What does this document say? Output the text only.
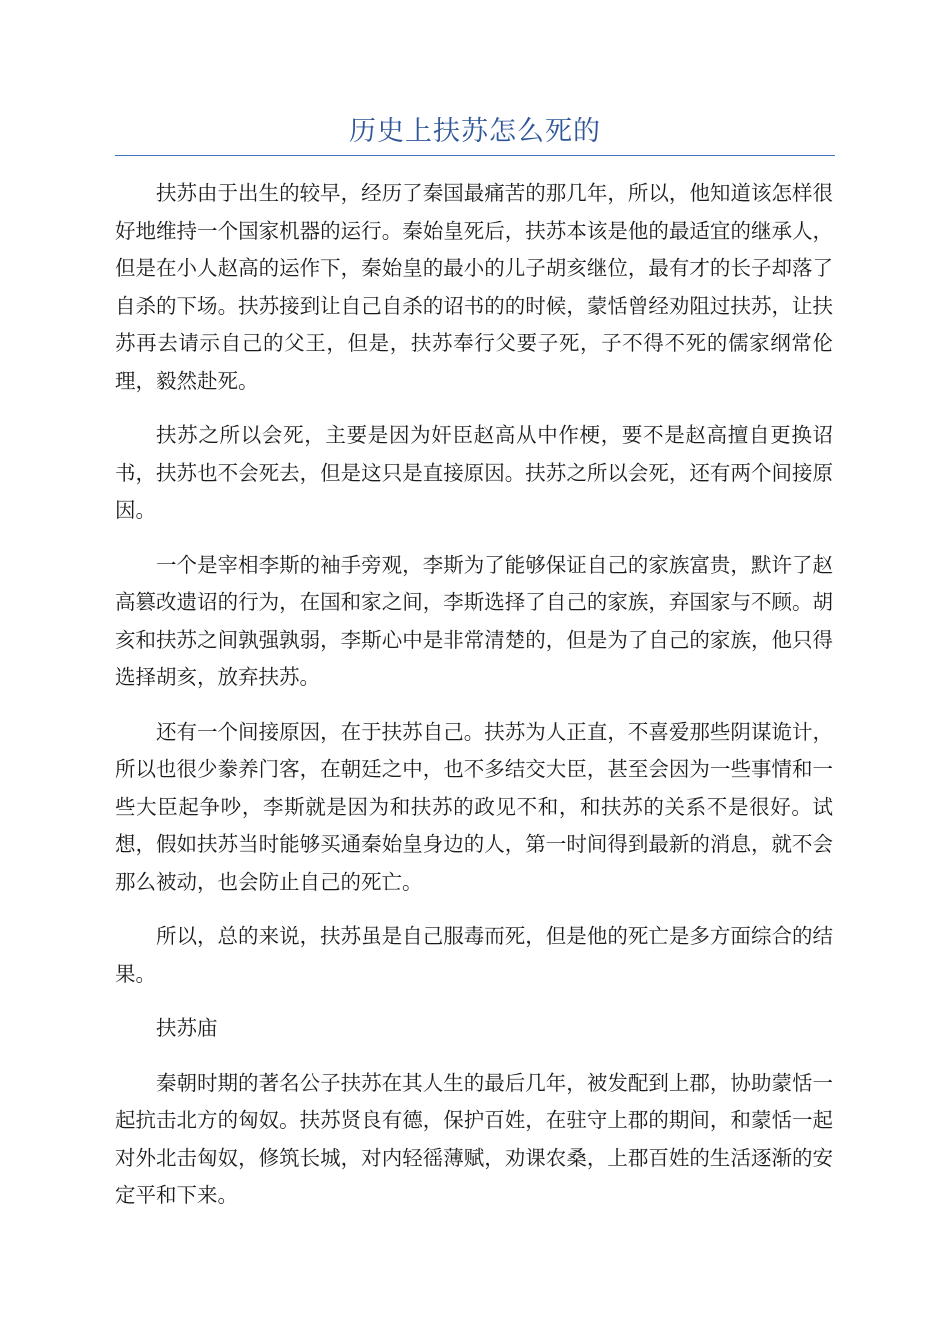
历史上扶苏怎么死的

扶苏由于出生的较早，经历了秦国最痛苦的那几年，所以，他知道该怎样很好地维持一个国家机器的运行。秦始皇死后，扶苏本该是他的最适宜的继承人，但是在小人赵高的运作下，秦始皇的最小的儿子胡亥继位，最有才的长子却落了自杀的下场。扶苏接到让自己自杀的诏书的的时候，蒙恬曾经劝阻过扶苏，让扶苏再去请示自己的父王，但是，扶苏奉行父要子死，子不得不死的儒家纲常伦理，毅然赴死。

扶苏之所以会死，主要是因为奸臣赵高从中作梗，要不是赵高擅自更换诏书，扶苏也不会死去，但是这只是直接原因。扶苏之所以会死，还有两个间接原因。

一个是宰相李斯的袖手旁观，李斯为了能够保证自己的家族富贵，默许了赵高篡改遗诏的行为，在国和家之间，李斯选择了自己的家族，弃国家与不顾。胡亥和扶苏之间孰强孰弱，李斯心中是非常清楚的，但是为了自己的家族，他只得选择胡亥，放弃扶苏。

还有一个间接原因，在于扶苏自己。扶苏为人正直，不喜爱那些阴谋诡计，所以也很少豢养门客，在朝廷之中，也不多结交大臣，甚至会因为一些事情和一些大臣起争吵，李斯就是因为和扶苏的政见不和，和扶苏的关系不是很好。试想，假如扶苏当时能够买通秦始皇身边的人，第一时间得到最新的消息，就不会那么被动，也会防止自己的死亡。

所以，总的来说，扶苏虽是自己服毒而死，但是他的死亡是多方面综合的结果。

扶苏庙

秦朝时期的著名公子扶苏在其人生的最后几年，被发配到上郡，协助蒙恬一起抗击北方的匈奴。扶苏贤良有德，保护百姓，在驻守上郡的期间，和蒙恬一起对外北击匈奴，修筑长城，对内轻徭薄赋，劝课农桑，上郡百姓的生活逐渐的安定平和下来。
